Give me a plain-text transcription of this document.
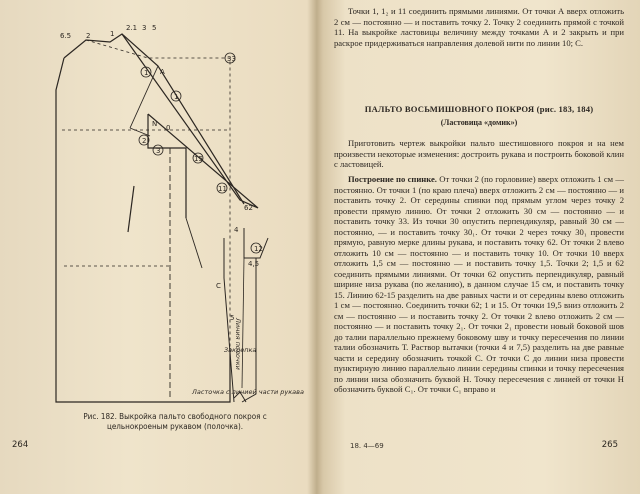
6.5 2	1
2.1 3 5
33
1
2
3
15
11
1
12
A
N 0
62
4
4,5
C
5 Линия полочки
Закрепка
Ласточка с линией части рукава
Рис. 182. Выкройка пальто свободного покроя с цельнокроеным рукавом (полочка).
264
Точки 1, 1₂ и 11 соединить прямыми линиями. От точки А вверх отложить 2 см — постоянно — и поставить точку 2. Точку 2 соединить прямой с точкой 11. На выкройке ластовицы величину между точками А и 2 закрыть и при раскрое придерживаться направления долевой нити по линии 10; С.
ПАЛЬТО ВОСЬМИШОВНОГО ПОКРОЯ (рис. 183, 184)
(Ластовица «домик»)
Приготовить чертеж выкройки пальто шестишовного покроя и на нем произвести некоторые изменения: достроить рукава и построить боковой клин с ластовицей.
Построение по спинке. От точки 2 (по горловине) вверх отложить 1 см — постоянно. От точки 1 (по краю плеча) вверх отложить 2 см — постоянно — и поставить точку 2. От середины спинки под прямым углом через точку 2 провести прямую линию. От точки 2 отложить 30 см — постоянно — и поставить точку 33. Из точки 30 опустить перпендикуляр, равный 30 см — постоянно, — и поставить точку 30₁. От точки 2 через точку 30₁ провести прямую, равную мерке длины рукава, и поставить точку 62. От точки 2 влево отложить 10 см — постоянно — и поставить точку 10. От точки 10 вверх отложить 1,5 см — постоянно — и поставить точку 1,5. Точки 2; 1,5 и 62 соединить прямыми линиями. От точки 62 опустить перпендикуляр, равный ширине низа рукава (по желанию), в данном случае 15 см, и поставить точку 15. Линию 62-15 разделить на две равных части и от середины влево отложить 1 см — постоянно. Соединить точки 62; 1 и 15. От точки 19,5 вниз отложить 2 см — постоянно — и поставить точку 2. От точки 2 влево отложить 2 см — постоянно — и поставить точку 2₁. От точки 2₁ провести новый боковой шов до талии параллельно прежнему боковому шву и точку пересечения по линии талии обозначить Т. Раствор вытачки (точки 4 и 7,5) разделить на две равные части и середину обозначить точкой С. От точки С до линии низа провести пунктирную линию параллельно линии середины спинки и точку пересечения по линии низа обозначить буквой Н. Точку пересечения с линией от точки Н обозначить буквой С₁. От точки С₁ вправо и
18. 4—69	265
